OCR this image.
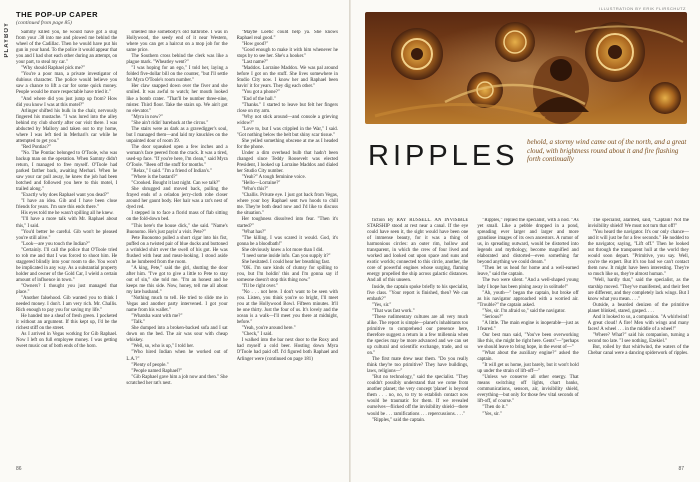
PLAYBOY
THE POP-UP CAPER
(continued from page 85)

Sammy killed you, he would have got a slug from your .38 into me and plowed me behind the wheel of the Cadillac. Then he would have put his gun in your hand. To the police it would appear that you and I had shot each other during an attempt, on your part, to steal my car."

"Why should Raphael pick me?"

"You're a poor man, a private investigator of dubious character. The police would believe you saw a chance to lift a car for some quick money. People would be more respectable have tried it."

"And where did you just jump up from? How did you know I was at this motel?"

Arlinger shifted his bulk in the chair, nervously fingered his mustache. "I was lured into the alley behind my club shortly after our visit there. I was abducted by Mallory and taken out to my home, where I was left tied in Merhari's car while he attempted to get you."

"Red Pontiac?"

"No. The Pontiac belonged to O'Toole, who was backup man on the operation. When Sammy didn't return, I managed to free myself. O'Toole had parked farther back, awaiting Merhari. When he saw your car pull away, he knew the job had been botched and followed you here to this motel, I trailed along."

"Exactly why does Raphael want you dead?"

"I have an idea. Gib and I have been close friends for years. I'm sure this ends there."

His eyes told me he wasn't spilling all he knew.

"I'll have a more talk with Mr. Raphael about this," I said.

"You'd better be careful. Gib won't be pleased you're still alive."

"Look—are you touch the Indian?"

"Certainly. I'll call the police that O'Toole tried to rob me and that I was forced to shoot him. He staggered blindly into your room to die. You won't be implicated in any way. As a substantial property holder and owner of the Gold Car, I wield a certain amount of influence in town."

"Owners? I thought you just managed that place."

"Another falsehood. Gib wanted you to think I needed money. I don't. I am very rich. Mr. Challis. Rich enough to pay you for saving my life."

He handed me a sheaf of fresh green. I pocketed it without an argument. If this kept up, I'd be the richest stiff on the street.

As I arrived in Vegas working for Gib Raphael. Now I left on full employee money. I was getting sweet music out of both ends of the horn.

smelled like somebody's old bathrobe. I was in Hollywood, the seedy end of it near Western, where you can get a haircut on a mop job for the same price.

The Southern cross behind the clerk was like a plague mark. "Wheatley went?"

"I was hoping for an ego," I told her, laying a folded five-dollar bill on the counter, "but I'll settle for Myra O'Toole's room number."

Her claw snapped down over the fiver and she smiled. It was awful to watch; her mouth looked like a bomb crater. "That'll be number three-nine, mister. Third floor. Take the stairs up. We ain't got no elevator."

"Myra in now?"

"She ain't ridin' bareback at the circus."

The stairs were as dark as a gravedigger's soul, but I managed them—and laid my knuckles on the unpainted door of room 39.

The door squeaked open a few inches and a woman's face peered from the crack. It was a tired, used-up face. "If you're here, I'm clean," said Myra O'Toole. "Been off the stuff for months."

"Relax," I said. "I'm a friend of Indian's."

"Where is the bastard?"

"Crooked. Bought it last night. Can we talk?"

She shrugged and moved back, pulling the frayed ends of a celadon jerry-cloth robe closer around her gaunt body. Her hair was a rat's nest of dyed red.

I stepped in to face a florid mass of flab sitting on the fold-down bed.

"This here's the house dick," she said. "Name's Buonomo. He's just payin' a visit. Pete?"

Pete Buonomo pulled a short cigar into his fist, puffed on a twisted pair of blue ducks and buttoned a wrinkled shirt over the swell of his gut. He was flushed with heat and meat-looking. I stood aside as he lumbered from the room.

"A king, Pete," said the girl, shutting the door after him. "I've got to give a little to Pete to stay out of sin," she told me. "I'm an honest and he keeps me this side. Now, honey, tell me all about my late husband."

"Nothing much to tell. He tried to slide me in Vegas and another party intervened. I got your name from his wallet."

"Whatsha want with me?"

"Talk."

She dumped into a broken-backed sofa and I sat down on the bed. The air was sour with cheap whiskey.

"Well, so, who is up," I told her.

"Who hired Indian when he worked out of L.A.?"

"Plenty of people."

"People named Raphael?"

"Gib Raphael gave him a job now and then." She scratched her rat's nest.

"Maybe Loetic could help ya. She knows Raphael real good."

"How good?"

"Good enough to make it with him whenever he stops by to see her. She's a hooker."

"Last name?"

"Maddox. Lorraine Maddox. We was pal around before I got on the stuff. She lives somewhere in Studio City now. I know her and Raphael been havin' it for years. They dig each other."

"You got a phone?"

"End of the hall."

"Thanks." I started to leave but felt her fingers close on my arm.

"Why not stick around—and console a grieving widow?"

"Love to, but I was crippled in the War," I said. "Got nothing below the belt but shiny scar tissue."

She yelled something obscene at me as I headed for the phone.

Under a dim overhead bulb that hadn't been changed since Teddy Roosevelt was elected President, I looked up Lorraine Maddox and dialed her Studio City number.

"Yeah?" A tough feminine voice.

"Hello—Lorraine?"

"Who's this?"

"Challis. Private eye. I just got back from Vegas, where your boy Raphael sent two hoods to chill me. They're both dead now and I'd like to discuss the situation."

Her toughness dissolved into fear. "Then it's started?"

"What has?"

"The killing. I was scared it would. God, it's gonna be a bloodbath!"

She obviously knew a lot more than I did.

"I need some inside info. Can you supply it?"

She hesitated. I could hear her breathing fast.

"OK. I'm sure kinds of clumsy for spilling to you, but I'm holdin' this and I'm gonna say if someone doesn't stop this thing now."

"I'll be right over."

"No . . . not here. I don't want to be seen with you. Listen, you think you're so bright, I'll meet you at the Hollywood Bowl. Fifteen minutes. It'll be one thirty. Just the four of us. It's lovely and the ocean is a walk—I'll meet you there at midnight, before."

"Yeah, you're around here."

"Check," I said.

I walked into the bar next door to the Roxy and had myself a cold beer. Hosting down Myra O'Toole had paid off. I'd figured both Raphael and Arlinger were (continued on page 181)

86
ILLUSTRATION BY ERIK FLIRSCHUTZ
RIPPLES behold, a stormy wind came out of the north, and a great cloud, with brightness round about it and fire flashing forth continually

fiction By RAY RUSSELL. AN INVISIBLE STARSHIP stood at rest near a canal. If the eye could have seen it, the sight would have been one of immense beauty, for it was a thing of harmonious circles: an outer rim, hollow and transparent, in which the crew of four lived and worked and looked out upon space and suns and exotic worlds; connected to this circle, another, the core of powerful engines whose surging, flaming energy propelled the ship across galactic distances. And all of this unseen.

Inside, the captain spoke briefly to his specialist, five class. "Your report is finished, then? We can embark?"

"Yes, sir."

"That was fast work."

"These rudimentary cultures are all very much alike. The report is simple—planet's inhabitants too primitive to comprehend our presence here, therefore suggest a return in a few millennia when the species may be more advanced and we can set up cultural and scientific exchange, trade, and so on."

The first mate drew near them. "Do you really think they're too primitive? They have buildings, laws, religions—"

"But no technology," said the specialist. "They couldn't possibly understand that we come from another planet; the very concept 'planet' is beyond them . . . no, no, to try to establish contact now would be traumatic for them. If we revealed ourselves—flicked off the invisibility shield—there would be . . . ramifications . . . repercussions. . . ."

"Ripples," said the captain.

"Ripples," replied the specialist, with a nod. "As yet small. Like a pebble dropped in a pond, spreading ever larger and larger and more grandiose images of its own ancestors. A rumor of us, in spreading outward, would be distorted into legends and mythology, become magnified and elaborated and distorted—even something far beyond anything we could dream."

"Then let us head for home and a well-earned leave," said the captain.

The two were silent. "And a well-shaped young lady I hope has been pining away in solitude!"

"Ah, youth—" began the captain, but broke off as his navigator approached with a worried air. "Trouble?" the captain asked.

"Yes, sir. I'm afraid so," said the navigator.

"Serious?"

"A little. The main engine is inoperable—just as I feared."

Our best man said, "You've been overworking like this, she might be right here. Gents"—"perhaps we should leave to bring hope, in the event of—"

"What about the auxiliary engine?" asked the captain.

"It will get us home, just barely, but it won't hold up under the strain of lift-off—"

"Unless we conserve all other energy. That means switching off lights, chart banks, communications, sensors, air, invisibility shield, everything—but only for those few vital seconds of lift-off, of course."

"Then do it."

"Yes, sir."

The specialist, alarmed, said, "Captain! Not the invisibility shield! We must not turn that off!"

"You heard the navigator. It's our only chance—and it will just be for a few seconds." He nodded to the navigator, saying, "Lift off." Then he looked out through the transparent hull at the world they would soon depart. "Primitive, you say. Well, you're the expert. But it's too bad we can't contact them now. It might have been interesting. They're so much like us, they're almost human."

"Well, hardly that," said the specialist, as the starship moved. "They've manifested, and their feet are different, and they completely lack wings. But I know what you mean. . . ."

Outside, a bearded denizen of the primitive planet blinked, stared, gasped. . . .

And it looked to us, a companion. "A whirlwind! A great cloud! A fire! Men with wings and many faces! A wheel . . . in the middle of a wheel!"

"Where? What?" said his companion, turning a second too late. "I see nothing, Ezekiel."

But, roiled by that whirlwind, the waters of the Chebar canal were a dancing spiderwork of ripples.

87
